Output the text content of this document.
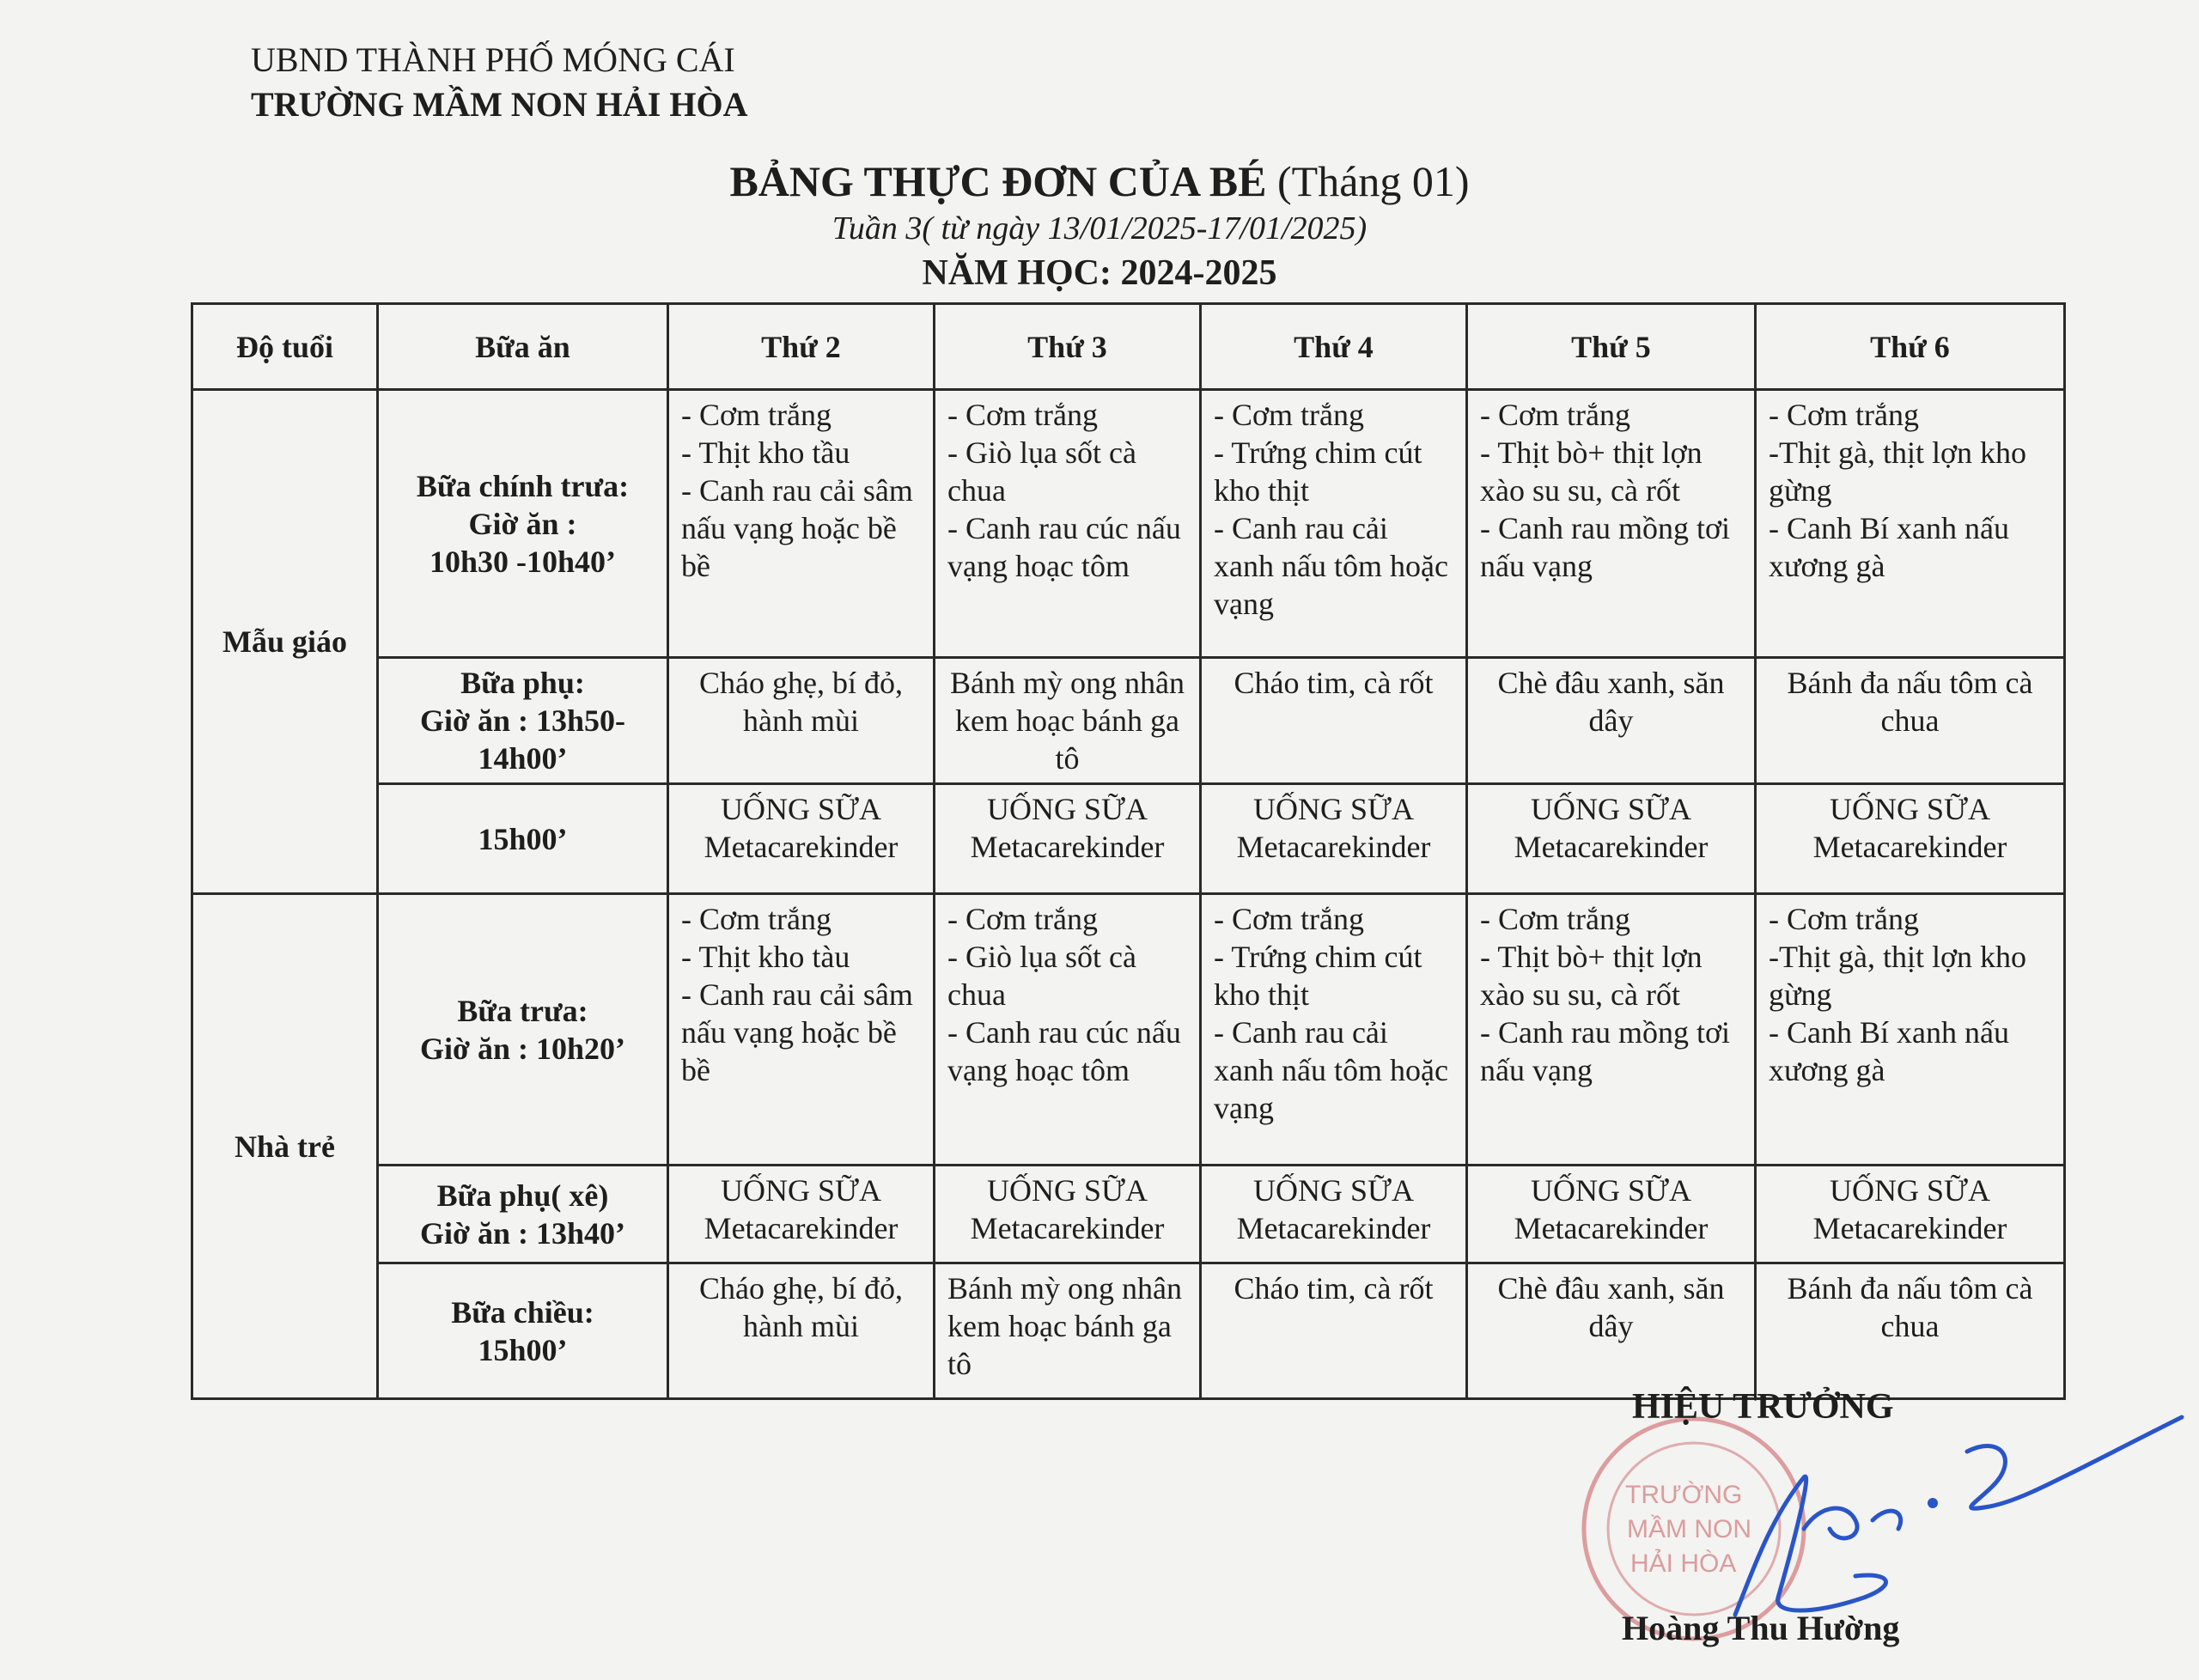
UBND THÀNH PHỐ MÓNG CÁI
TRƯỜNG MẦM NON HẢI HÒA
BẢNG THỰC ĐƠN CỦA BÉ (Tháng 01)
Tuần 3( từ ngày 13/01/2025-17/01/2025)
NĂM HỌC: 2024-2025
Độ tuổi	Bữa ăn	Thứ 2	Thứ 3	Thứ 4	Thứ 5	Thứ 6
Mẫu giáo	Bữa chính trưa:
Giờ ăn :
10h30 -10h40’	- Cơm trắng
- Thịt kho tầu
- Canh rau cải sâm nấu vạng hoặc bề bề	- Cơm trắng
- Giò lụa sốt cà chua
- Canh rau cúc nấu vạng hoạc tôm	- Cơm trắng
- Trứng chim cút kho thịt
- Canh rau cải xanh nấu tôm hoặc vạng	- Cơm trắng
- Thịt bò+ thịt lợn xào su su, cà rốt
- Canh rau mồng tơi nấu vạng	- Cơm trắng
-Thịt gà, thịt lợn kho gừng
- Canh Bí xanh nấu xương gà

	Bữa phụ:
Giờ ăn : 13h50-14h00’	Cháo ghẹ, bí đỏ, hành mùi	Bánh mỳ ong nhân kem hoạc bánh ga tô	Cháo tim, cà rốt	Chè đâu xanh, săn dây	Bánh đa nấu tôm cà chua

	15h00’	UỐNG SỮA
Metacarekinder	UỐNG SỮA
Metacarekinder	UỐNG SỮA
Metacarekinder	UỐNG SỮA
Metacarekinder	UỐNG SỮA
Metacarekinder

Nhà trẻ	Bữa trưa:
Giờ ăn : 10h20’	- Cơm trắng
- Thịt kho tàu
- Canh rau cải sâm nấu vạng hoặc bề bề	- Cơm trắng
- Giò lụa sốt cà chua
- Canh rau cúc nấu vạng hoạc tôm	- Cơm trắng
- Trứng chim cút kho thịt
- Canh rau cải xanh nấu tôm hoặc vạng	- Cơm trắng
- Thịt bò+ thịt lợn xào su su, cà rốt
- Canh rau mồng tơi nấu vạng	- Cơm trắng
-Thịt gà, thịt lợn kho gừng
- Canh Bí xanh nấu xương gà

	Bữa phụ( xê)
Giờ ăn : 13h40’	UỐNG SỮA
Metacarekinder	UỐNG SỮA
Metacarekinder	UỐNG SỮA
Metacarekinder	UỐNG SỮA
Metacarekinder	UỐNG SỮA
Metacarekinder

	Bữa chiều:
15h00’	Cháo ghẹ, bí đỏ, hành mùi	Bánh mỳ ong nhân kem hoạc bánh ga tô	Cháo tim, cà rốt	Chè đâu xanh, săn dây	Bánh đa nấu tôm cà chua
TRƯỜNG
MẦM NON
HẢI HÒA
HIỆU TRƯỞNG
Hoàng Thu Hường
